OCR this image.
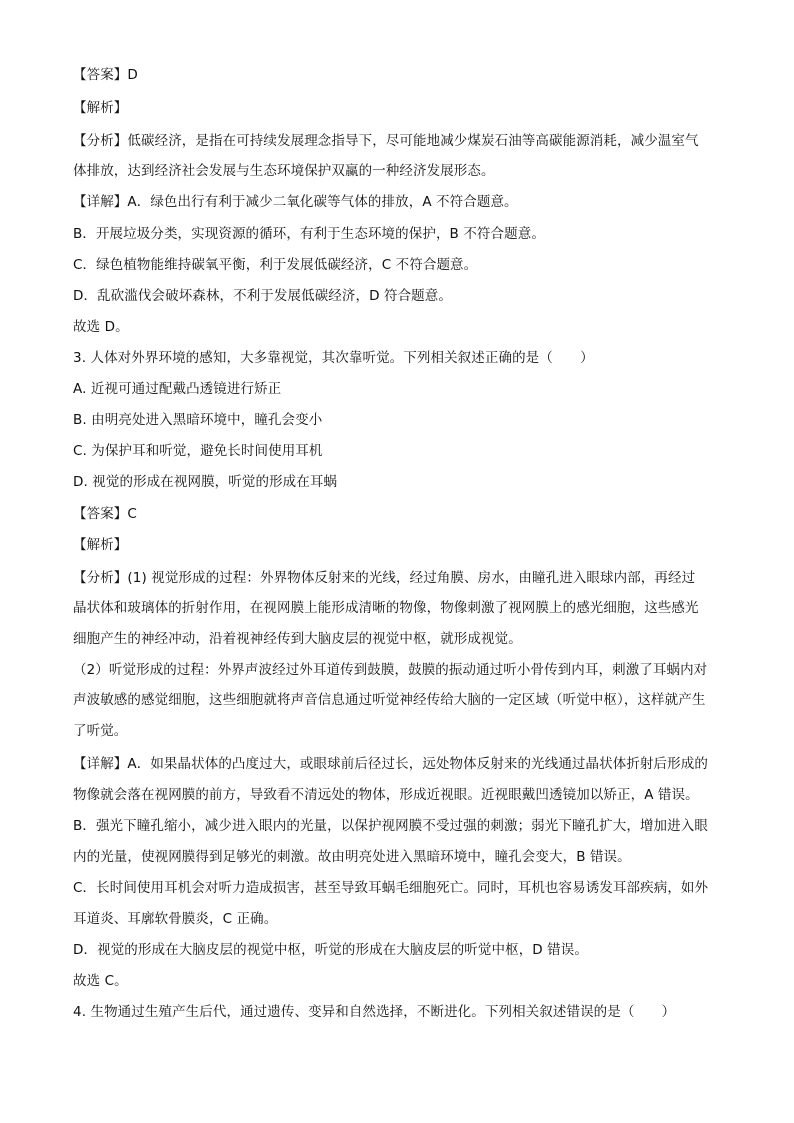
【答案】D
【解析】
【分析】低碳经济，是指在可持续发展理念指导下，尽可能地减少煤炭石油等高碳能源消耗，减少温室气
体排放，达到经济社会发展与生态环境保护双赢的一种经济发展形态。
【详解】A．绿色出行有利于减少二氧化碳等气体的排放，A 不符合题意。
B．开展垃圾分类，实现资源的循环，有利于生态环境的保护，B 不符合题意。
C．绿色植物能维持碳氧平衡，利于发展低碳经济，C 不符合题意。
D．乱砍滥伐会破坏森林，不利于发展低碳经济，D 符合题意。
故选 D。
3. 人体对外界环境的感知，大多靠视觉，其次靠听觉。下列相关叙述正确的是（　　）
A. 近视可通过配戴凸透镜进行矫正
B. 由明亮处进入黑暗环境中，瞳孔会变小
C. 为保护耳和听觉，避免长时间使用耳机
D. 视觉的形成在视网膜，听觉的形成在耳蜗
【答案】C
【解析】
【分析】(1) 视觉形成的过程：外界物体反射来的光线，经过角膜、房水，由瞳孔进入眼球内部，再经过
晶状体和玻璃体的折射作用，在视网膜上能形成清晰的物像，物像刺激了视网膜上的感光细胞，这些感光
细胞产生的神经冲动，沿着视神经传到大脑皮层的视觉中枢，就形成视觉。
（2）听觉形成的过程：外界声波经过外耳道传到鼓膜，鼓膜的振动通过听小骨传到内耳，刺激了耳蜗内对
声波敏感的感觉细胞，这些细胞就将声音信息通过听觉神经传给大脑的一定区域（听觉中枢），这样就产生
了听觉。
【详解】A．如果晶状体的凸度过大，或眼球前后径过长，远处物体反射来的光线通过晶状体折射后形成的
物像就会落在视网膜的前方，导致看不清远处的物体，形成近视眼。近视眼戴凹透镜加以矫正，A 错误。
B．强光下瞳孔缩小，减少进入眼内的光量，以保护视网膜不受过强的刺激；弱光下瞳孔扩大，增加进入眼
内的光量，使视网膜得到足够光的刺激。故由明亮处进入黑暗环境中，瞳孔会变大，B 错误。
C．长时间使用耳机会对听力造成损害，甚至导致耳蜗毛细胞死亡。同时，耳机也容易诱发耳部疾病，如外
耳道炎、耳廓软骨膜炎，C 正确。
D．视觉的形成在大脑皮层的视觉中枢，听觉的形成在大脑皮层的听觉中枢，D 错误。
故选 C。
4. 生物通过生殖产生后代，通过遗传、变异和自然选择，不断进化。下列相关叙述错误的是（　　）
